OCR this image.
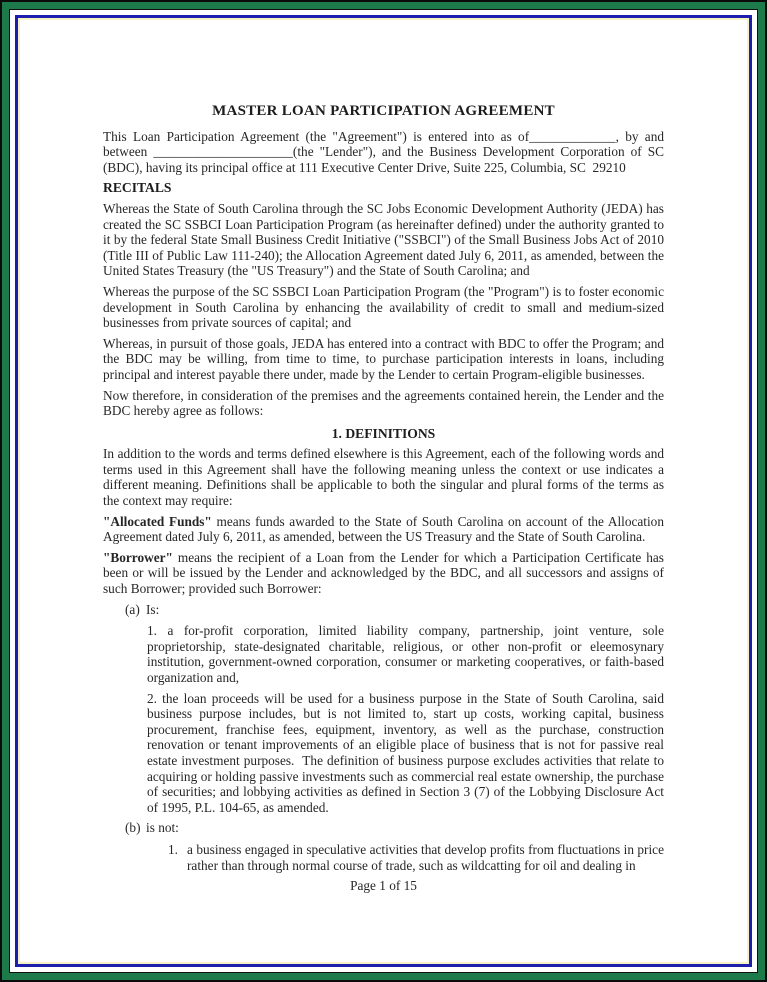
MASTER LOAN PARTICIPATION AGREEMENT

This Loan Participation Agreement (the "Agreement") is entered into as of_____________, by and between _____________________(the "Lender"), and the Business Development Corporation of SC (BDC), having its principal office at 111 Executive Center Drive, Suite 225, Columbia, SC  29210

RECITALS

Whereas the State of South Carolina through the SC Jobs Economic Development Authority (JEDA) has created the SC SSBCI Loan Participation Program (as hereinafter defined) under the authority granted to it by the federal State Small Business Credit Initiative ("SSBCI") of the Small Business Jobs Act of 2010 (Title III of Public Law 111-240); the Allocation Agreement dated July 6, 2011, as amended, between the United States Treasury (the "US Treasury") and the State of South Carolina; and

Whereas the purpose of the SC SSBCI Loan Participation Program (the "Program") is to foster economic development in South Carolina by enhancing the availability of credit to small and medium-sized businesses from private sources of capital; and

Whereas, in pursuit of those goals, JEDA has entered into a contract with BDC to offer the Program; and the BDC may be willing, from time to time, to purchase participation interests in loans, including principal and interest payable there under, made by the Lender to certain Program-eligible businesses.

Now therefore, in consideration of the premises and the agreements contained herein, the Lender and the BDC hereby agree as follows:

1. DEFINITIONS

In addition to the words and terms defined elsewhere is this Agreement, each of the following words and terms used in this Agreement shall have the following meaning unless the context or use indicates a different meaning. Definitions shall be applicable to both the singular and plural forms of the terms as the context may require:

"Allocated Funds" means funds awarded to the State of South Carolina on account of the Allocation Agreement dated July 6, 2011, as amended, between the US Treasury and the State of South Carolina.

"Borrower" means the recipient of a Loan from the Lender for which a Participation Certificate has been or will be issued by the Lender and acknowledged by the BDC, and all successors and assigns of such Borrower; provided such Borrower:

(a) Is:

1. a for-profit corporation, limited liability company, partnership, joint venture, sole proprietorship, state-designated charitable, religious, or other non-profit or eleemosynary institution, government-owned corporation, consumer or marketing cooperatives, or faith-based organization and,

2. the loan proceeds will be used for a business purpose in the State of South Carolina, said business purpose includes, but is not limited to, start up costs, working capital, business procurement, franchise fees, equipment, inventory, as well as the purchase, construction renovation or tenant improvements of an eligible place of business that is not for passive real estate investment purposes.  The definition of business purpose excludes activities that relate to acquiring or holding passive investments such as commercial real estate ownership, the purchase of securities; and lobbying activities as defined in Section 3 (7) of the Lobbying Disclosure Act of 1995, P.L. 104-65, as amended.

(b) is not:
1. a business engaged in speculative activities that develop profits from fluctuations in price rather than through normal course of trade, such as wildcatting for oil and dealing in
Page 1 of 15
